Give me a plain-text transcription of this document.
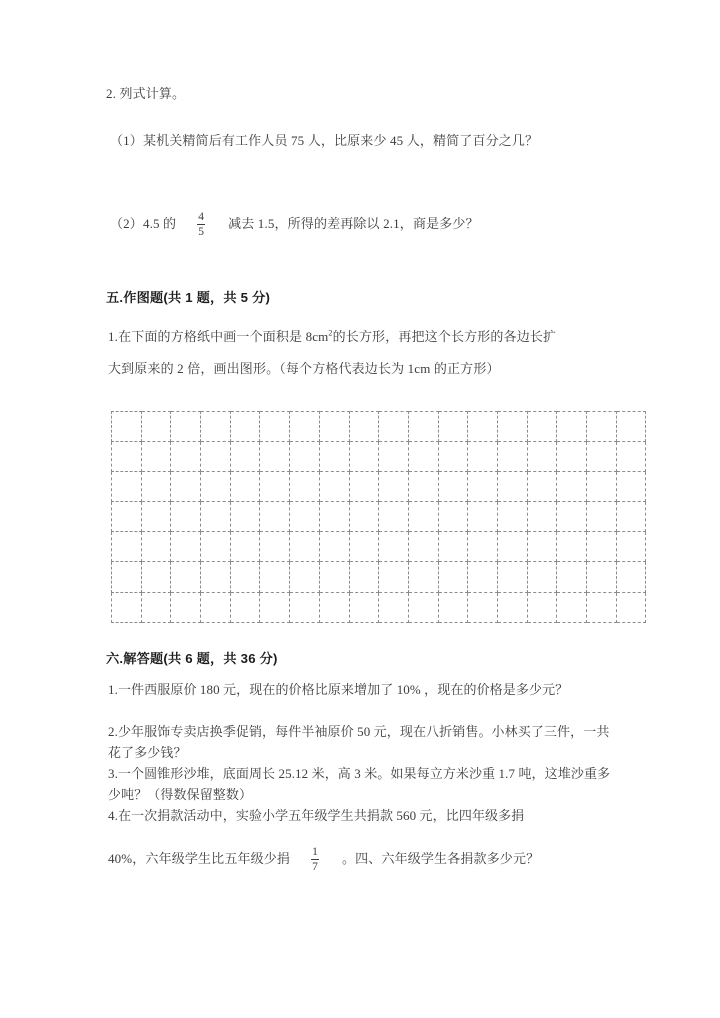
2. 列式计算。
（1）某机关精简后有工作人员 75 人，比原来少 45 人，精简了百分之几？
（2）4.5 的 $\frac{4}{5}$ 减去 1.5，所得的差再除以 2.1，商是多少？
五.作图题(共 1 题，共 5 分)
1.在下面的方格纸中画一个面积是 $8cm^2$的长方形，再把这个长方形的各边长扩
大到原来的 2 倍，画出图形。（每个方格代表边长为 1cm 的正方形）

六.解答题(共 6 题，共 36 分)
1.一件西服原价 180 元，现在的价格比原来增加了 10% ，现在的价格是多少元？
2.少年服饰专卖店换季促销，每件半袖原价 50 元，现在八折销售。小林买了三件，一共花了多少钱？
3.一个圆锥形沙堆，底面周长 25.12 米，高 3 米。如果每立方米沙重 1.7 吨，这堆沙重多少吨？（得数保留整数）
4.在一次捐款活动中，实验小学五年级学生共捐款 560 元，比四年级多捐
40%，六年级学生比五年级少捐 $\frac{1}{7}$ 。四、六年级学生各捐款多少元？
